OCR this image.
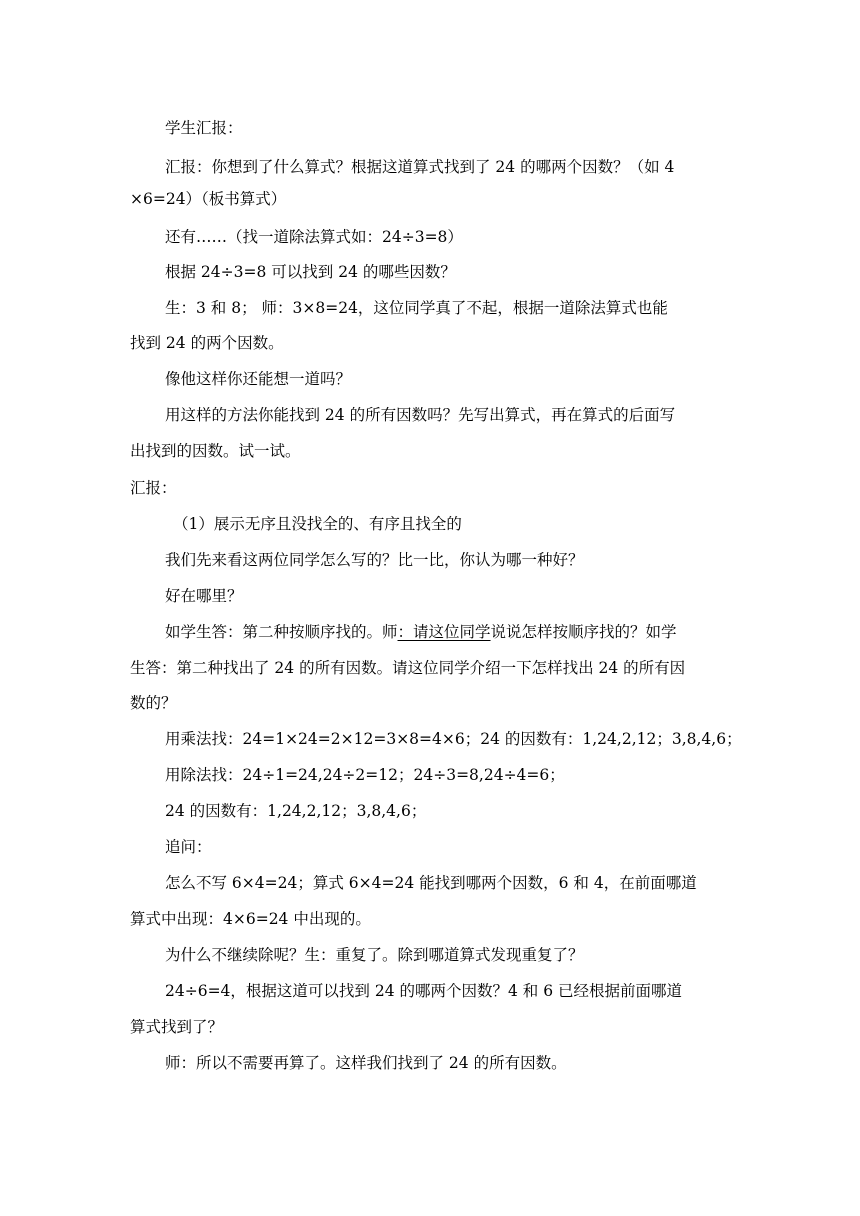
学生汇报：
汇报：你想到了什么算式？根据这道算式找到了 24 的哪两个因数？（如 4
×6=24）（板书算式）
还有……（找一道除法算式如：24÷3=8）
根据 24÷3=8 可以找到 24 的哪些因数？
生：3 和 8； 师：3×8=24，这位同学真了不起，根据一道除法算式也能
找到 24 的两个因数。
像他这样你还能想一道吗？
用这样的方法你能找到 24 的所有因数吗？先写出算式，再在算式的后面写
出找到的因数。试一试。
汇报：
（1）展示无序且没找全的、有序且找全的
我们先来看这两位同学怎么写的？比一比，你认为哪一种好？
好在哪里？
如学生答：第二种按顺序找的。师：请这位同学说说怎样按顺序找的？如学
生答：第二种找出了 24 的所有因数。请这位同学介绍一下怎样找出 24 的所有因
数的？
用乘法找：24=1×24=2×12=3×8=4×6；24 的因数有：1,24,2,12；3,8,4,6；
用除法找：24÷1=24,24÷2=12；24÷3=8,24÷4=6；
24 的因数有：1,24,2,12；3,8,4,6；
追问：
怎么不写 6×4=24；算式 6×4=24 能找到哪两个因数，6 和 4，在前面哪道
算式中出现：4×6=24 中出现的。
为什么不继续除呢？生：重复了。除到哪道算式发现重复了？
24÷6=4，根据这道可以找到 24 的哪两个因数？4 和 6 已经根据前面哪道
算式找到了？
师：所以不需要再算了。这样我们找到了 24 的所有因数。
